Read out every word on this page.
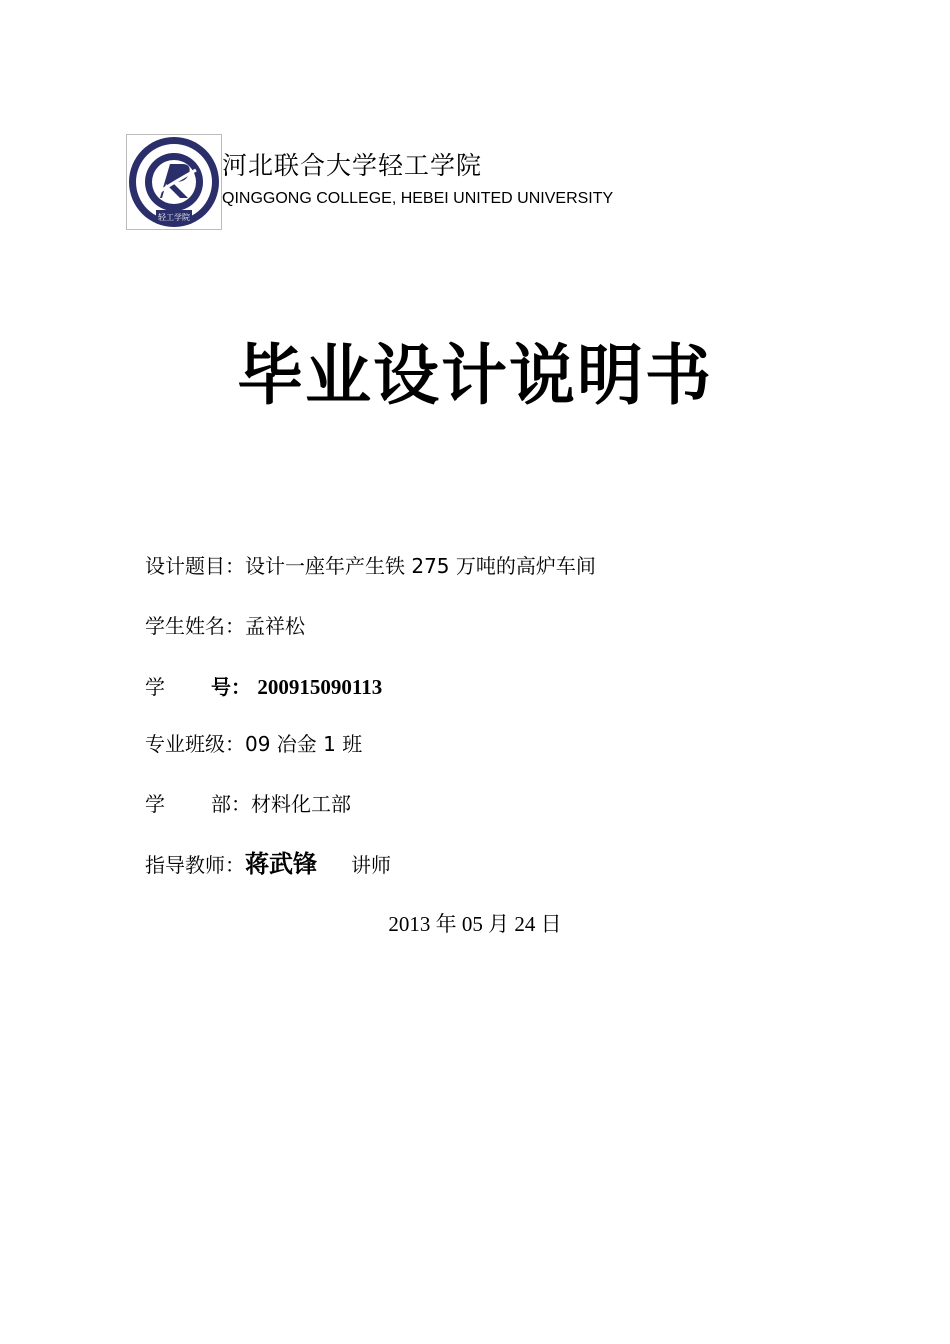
轻工学院
河北联合大学轻工学院
QINGGONG COLLEGE, HEBEI UNITED UNIVERSITY
毕业设计说明书
设计题目：设计一座年产生铁 275 万吨的高炉车间
学生姓名：孟祥松
学 号： 200915090113
专业班级：09 冶金 1 班
学 部：材料化工部
指导教师：蒋武锋 讲师
2013 年 05 月 24 日
